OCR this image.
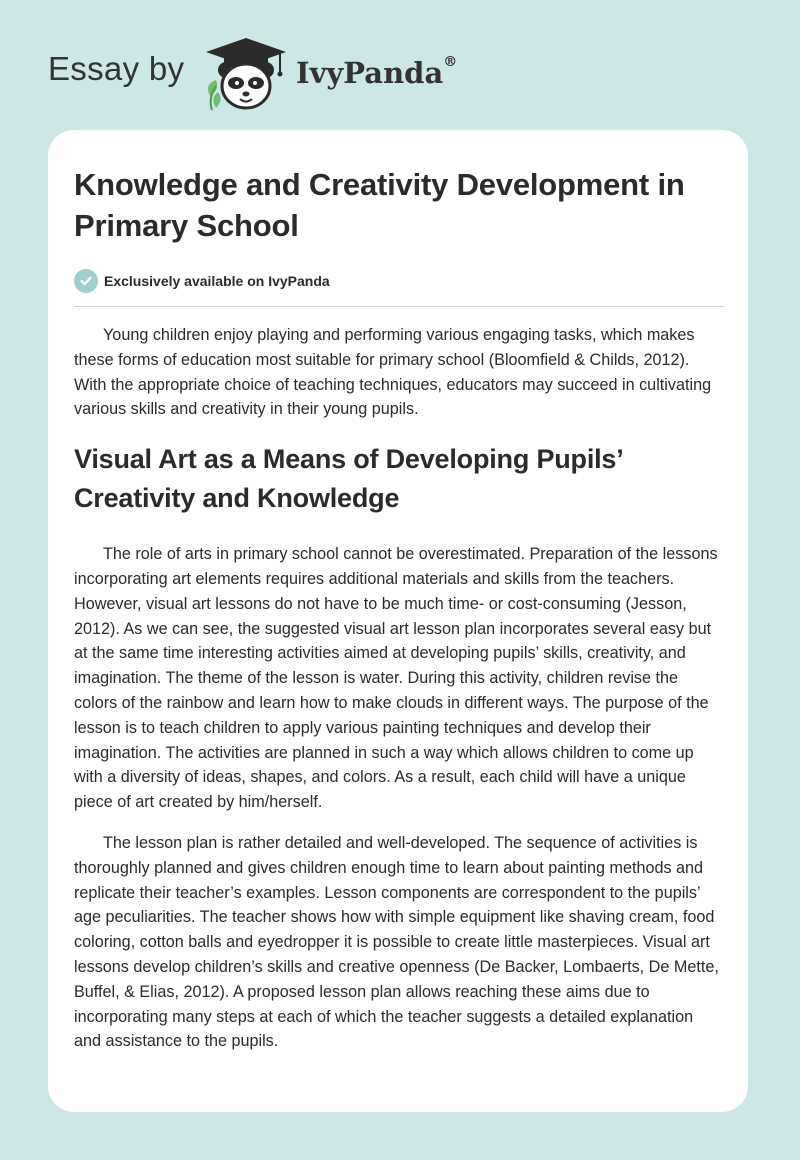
Essay by	IvyPanda®
Knowledge and Creativity Development in Primary School
Exclusively available on IvyPanda

Young children enjoy playing and performing various engaging tasks, which makes these forms of education most suitable for primary school (Bloomfield & Childs, 2012). With the appropriate choice of teaching techniques, educators may succeed in cultivating various skills and creativity in their young pupils.

Visual Art as a Means of Developing Pupils’ Creativity and Knowledge

The role of arts in primary school cannot be overestimated. Preparation of the lessons incorporating art elements requires additional materials and skills from the teachers. However, visual art lessons do not have to be much time- or cost-consuming (Jesson, 2012). As we can see, the suggested visual art lesson plan incorporates several easy but at the same time interesting activities aimed at developing pupils’ skills, creativity, and imagination. The theme of the lesson is water. During this activity, children revise the colors of the rainbow and learn how to make clouds in different ways. The purpose of the lesson is to teach children to apply various painting techniques and develop their imagination. The activities are planned in such a way which allows children to come up with a diversity of ideas, shapes, and colors. As a result, each child will have a unique piece of art created by him/herself.

The lesson plan is rather detailed and well-developed. The sequence of activities is thoroughly planned and gives children enough time to learn about painting methods and replicate their teacher’s examples. Lesson components are correspondent to the pupils’ age peculiarities. The teacher shows how with simple equipment like shaving cream, food coloring, cotton balls and eyedropper it is possible to create little masterpieces. Visual art lessons develop children’s skills and creative openness (De Backer, Lombaerts, De Mette, Buffel, & Elias, 2012). A proposed lesson plan allows reaching these aims due to incorporating many steps at each of which the teacher suggests a detailed explanation and assistance to the pupils.
